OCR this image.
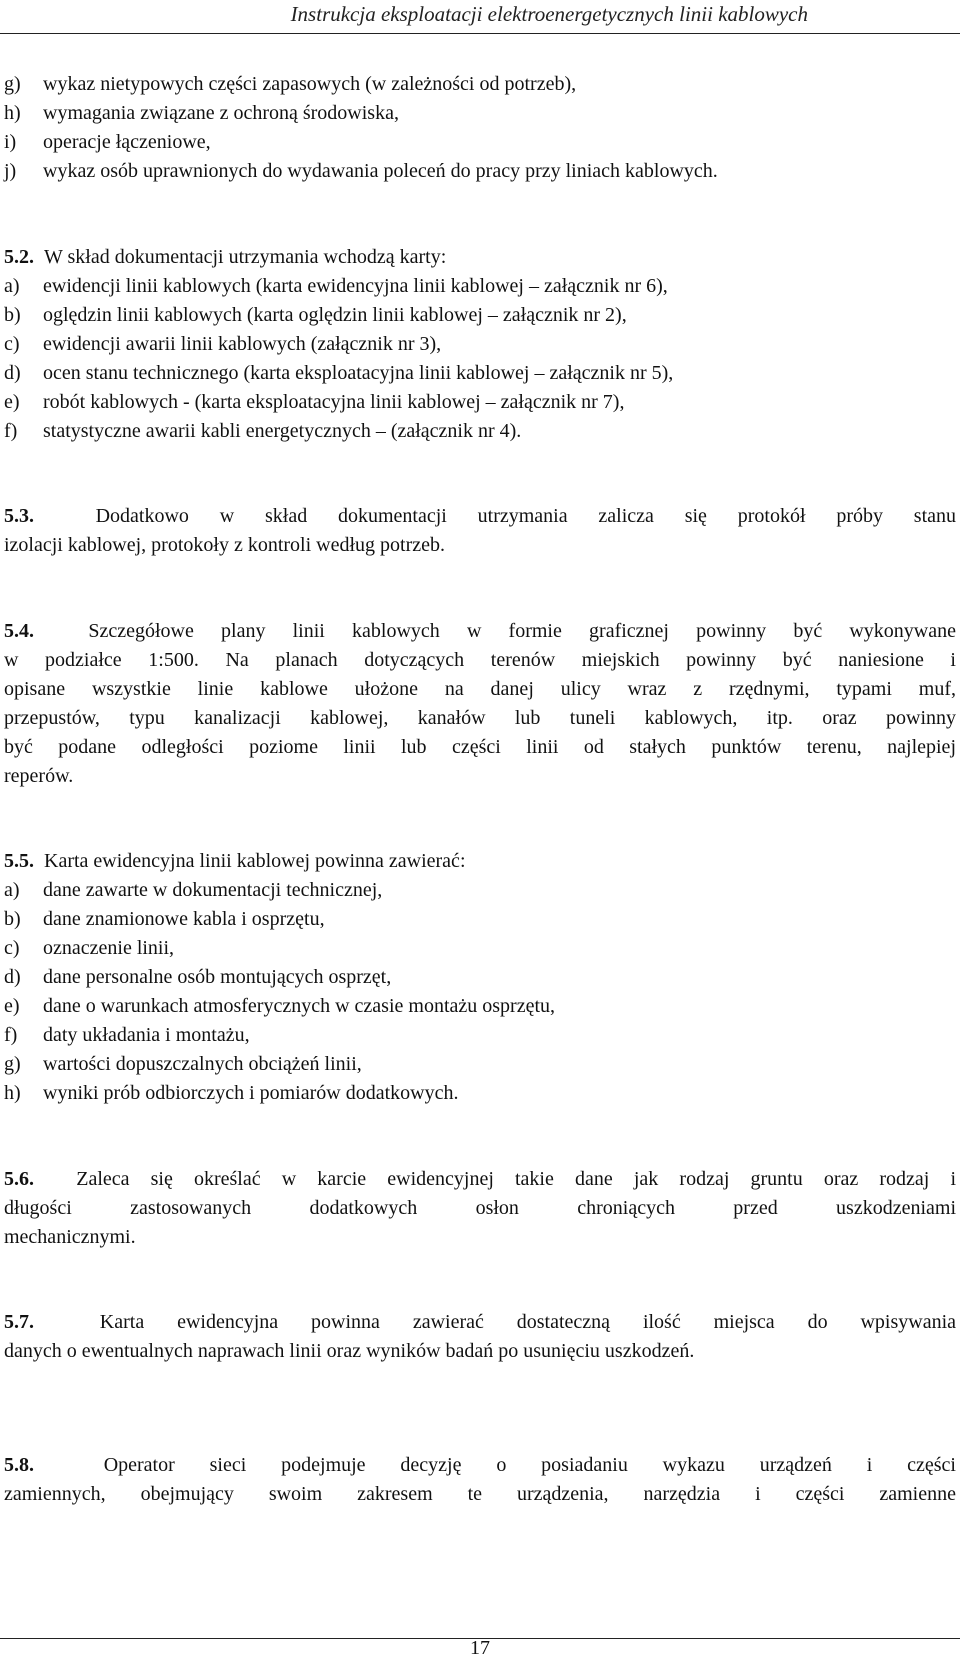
Instrukcja eksploatacji elektroenergetycznych linii kablowych
g) wykaz nietypowych części zapasowych (w zależności od potrzeb),
h) wymagania związane z ochroną środowiska,
i) operacje łączeniowe,
j) wykaz osób uprawnionych do wydawania poleceń do pracy przy liniach kablowych.
5.2. W skład dokumentacji utrzymania wchodzą karty:
a) ewidencji linii kablowych (karta ewidencyjna linii kablowej – załącznik nr 6),
b) oględzin linii kablowych (karta oględzin linii kablowej – załącznik nr 2),
c) ewidencji awarii linii kablowych (załącznik nr 3),
d) ocen stanu technicznego (karta eksploatacyjna linii kablowej – załącznik nr 5),
e) robót kablowych - (karta eksploatacyjna linii kablowej – załącznik nr 7),
f) statystyczne awarii kabli energetycznych – (załącznik nr 4).
5.3.	Dodatkowo w skład dokumentacji utrzymania zalicza się protokół próby stanu
izolacji kablowej, protokoły z kontroli według potrzeb.
5.4.	Szczegółowe plany linii kablowych w formie graficznej powinny być wykonywane
w podziałce 1:500. Na planach dotyczących terenów miejskich powinny być naniesione i
opisane wszystkie linie kablowe ułożone na danej ulicy wraz z rzędnymi, typami muf,
przepustów, typu kanalizacji kablowej, kanałów lub tuneli kablowych, itp. oraz powinny
być podane odległości poziome linii lub części linii od stałych punktów terenu, najlepiej
reperów.
5.5. Karta ewidencyjna linii kablowej powinna zawierać:
a) dane zawarte w dokumentacji technicznej,
b) dane znamionowe kabla i osprzętu,
c) oznaczenie linii,
d) dane personalne osób montujących osprzęt,
e) dane o warunkach atmosferycznych w czasie montażu osprzętu,
f) daty układania i montażu,
g) wartości dopuszczalnych obciążeń linii,
h) wyniki prób odbiorczych i pomiarów dodatkowych.
5.6. Zaleca się określać w karcie ewidencyjnej takie dane jak rodzaj gruntu oraz rodzaj i
długości zastosowanych dodatkowych osłon chroniących przed uszkodzeniami
mechanicznymi.
5.7.	Karta ewidencyjna powinna zawierać dostateczną ilość miejsca do wpisywania
danych o ewentualnych naprawach linii oraz wyników badań po usunięciu uszkodzeń.
5.8.	Operator sieci podejmuje decyzję o posiadaniu wykazu urządzeń i części
zamiennych, obejmujący swoim zakresem te urządzenia, narzędzia i części zamienne
17
